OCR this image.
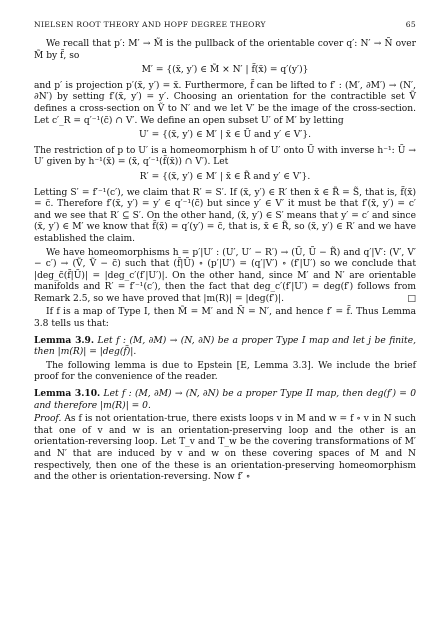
NIELSEN ROOT THEORY AND HOPF DEGREE THEORY	65

We recall that p′: M′ → M̃ is the pullback of the orientable cover q′: N′ → Ñ over M̃ by f̃, so

M′ = {(x̃, y′) ∈ M̃ × N′ | f̃(x̃) = q′(y′)}

and p′ is projection p′(x̃, y′) = x̃. Furthermore, f̃ can be lifted to f′ : (M′, ∂M′) → (N′, ∂N′) by setting f′(x̃, y′) = y′. Choosing an orientation for the contractible set Ṽ defines a cross-section on Ṽ to N′ and we let V′ be the image of the cross-section. Let c′_R = q′⁻¹(c̃) ∩ V′. We define an open subset U′ of M′ by letting

U′ = {(x̃, y′) ∈ M′ | x̃ ∈ Ũ and y′ ∈ V′}.

The restriction of p to U′ is a homeomorphism h of U′ onto Ũ with inverse h⁻¹: Ũ → U′ given by h⁻¹(x̃) = (x̃, q′⁻¹(f̃(x̃)) ∩ V′). Let

R′ = {(x̃, y′) ∈ M′ | x̃ ∈ R̃ and y′ ∈ V′}.

Letting S′ = f′⁻¹(c′), we claim that R′ = S′. If (x̃, y′) ∈ R′ then x̃ ∈ R̃ = S̃, that is, f̃(x̃) = c̃. Therefore f′(x̃, y′) = y′ ∈ q′⁻¹(c̃) but since y′ ∈ V′ it must be that f′(x̃, y′) = c′ and we see that R′ ⊆ S′. On the other hand, (x̃, y′) ∈ S′ means that y′ = c′ and since (x̃, y′) ∈ M′ we know that f̃(x̃) = q′(y′) = c̃, that is, x̃ ∈ R̃, so (x̃, y′) ∈ R′ and we have established the claim.

We have homeomorphisms h = p′|U′ : (U′, U′ − R′) → (Ũ, Ũ − R̃) and q′|V′: (V′, V′ − c′) → (Ṽ, Ṽ − c̃) such that (f̃|Ũ) ∘ (p′|U′) = (q′|V′) ∘ (f′|U′) so we conclude that |deg_c̃(f̃|Ũ)| = |deg_c′(f′|U′)|. On the other hand, since M′ and N′ are orientable manifolds and R′ = f′⁻¹(c′), then the fact that deg_c′(f′|U′) = deg(f′) follows from Remark 2.5, so we have proved that |m(R)| = |deg(f′)|.	□

If f is a map of Type I, then M̃ = M′ and Ñ = N′, and hence f′ = f̃. Thus Lemma 3.8 tells us that:

Lemma 3.9. Let f : (M, ∂M) → (N, ∂N) be a proper Type I map and let j be finite, then |m(R)| = |deg(f̃)|.

The following lemma is due to Epstein [E, Lemma 3.3]. We include the brief proof for the convenience of the reader.

Lemma 3.10. Let f : (M, ∂M) → (N, ∂N) be a proper Type II map, then deg(f′) = 0 and therefore |m(R)| = 0.

Proof. As f is not orientation-true, there exists loops v in M and w = f ∘ v in N such that one of v and w is an orientation-preserving loop and the other is an orientation-reversing loop. Let T_v and T_w be the covering transformations of M′ and N′ that are induced by v and w on these covering spaces of M and N respectively, then one of the these is an orientation-preserving homeomorphism and the other is orientation-reversing. Now f′ ∘
